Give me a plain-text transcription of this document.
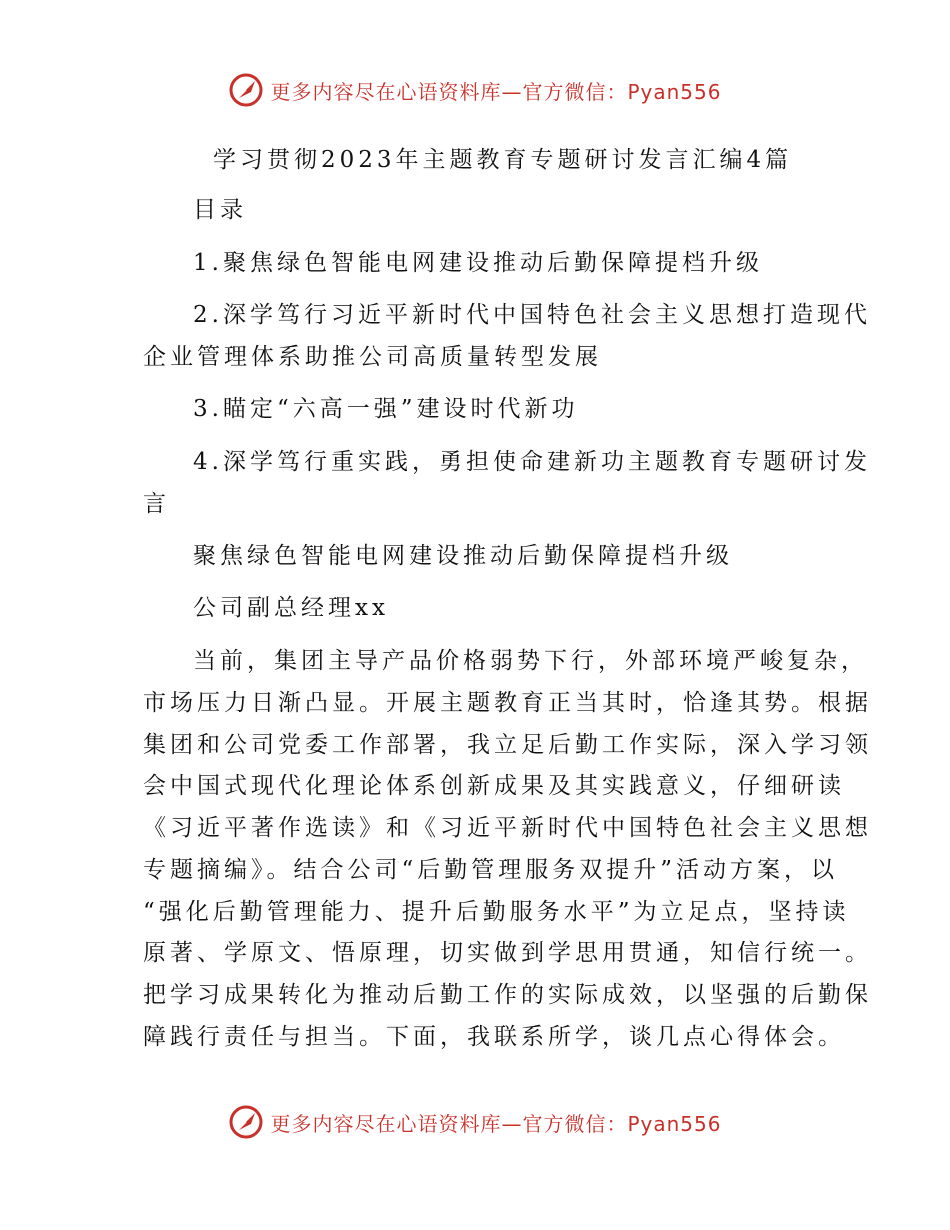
更多内容尽在心语资料库—官方微信：Pyan556
学习贯彻2023年主题教育专题研讨发言汇编4篇
目录
1.聚焦绿色智能电网建设推动后勤保障提档升级
2.深学笃行习近平新时代中国特色社会主义思想打造现代
企业管理体系助推公司高质量转型发展
3.瞄定“六高一强”建设时代新功
4.深学笃行重实践，勇担使命建新功主题教育专题研讨发
言
聚焦绿色智能电网建设推动后勤保障提档升级
公司副总经理xx
当前，集团主导产品价格弱势下行，外部环境严峻复杂，
市场压力日渐凸显。开展主题教育正当其时，恰逢其势。根据
集团和公司党委工作部署，我立足后勤工作实际，深入学习领
会中国式现代化理论体系创新成果及其实践意义，仔细研读
《习近平著作选读》和《习近平新时代中国特色社会主义思想
专题摘编》。结合公司“后勤管理服务双提升”活动方案，以
“强化后勤管理能力、提升后勤服务水平”为立足点，坚持读
原著、学原文、悟原理，切实做到学思用贯通，知信行统一。
把学习成果转化为推动后勤工作的实际成效，以坚强的后勤保
障践行责任与担当。下面，我联系所学，谈几点心得体会。
更多内容尽在心语资料库—官方微信：Pyan556
